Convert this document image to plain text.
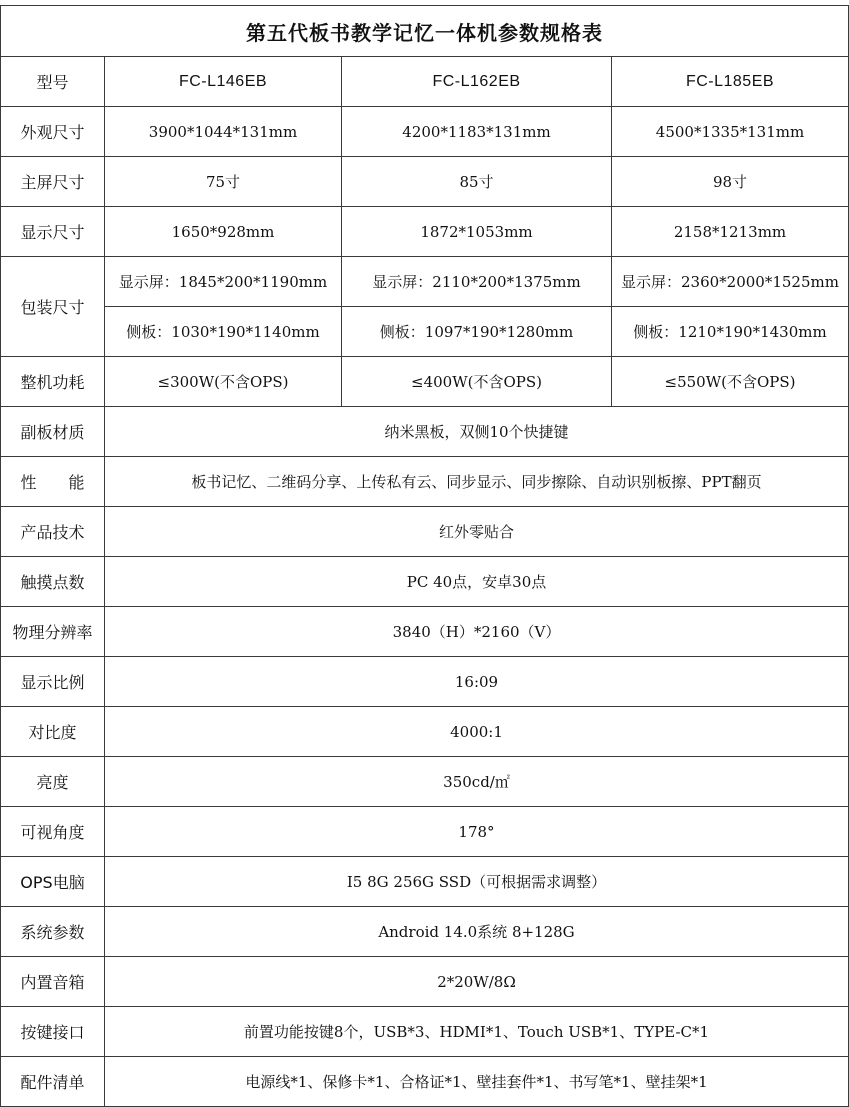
第五代板书教学记忆一体机参数规格表			
型号	FC-L146EB	FC-L162EB	FC-L185EB
外观尺寸	3900*1044*131mm	4200*1183*131mm	4500*1335*131mm
主屏尺寸	75寸	85寸	98寸
显示尺寸	1650*928mm	1872*1053mm	2158*1213mm
包装尺寸	显示屏：1845*200*1190mm	显示屏：2110*200*1375mm	显示屏：2360*2000*1525mm
	侧板：1030*190*1140mm	侧板：1097*190*1280mm	侧板：1210*190*1430mm
整机功耗	≤300W(不含OPS)	≤400W(不含OPS)	≤550W(不含OPS)
副板材质	纳米黑板，双侧10个快捷键		
性　　能	板书记忆、二维码分享、上传私有云、同步显示、同步擦除、自动识别板擦、PPT翻页		
产品技术	红外零贴合		
触摸点数	PC 40点，安卓30点		
物理分辨率	3840（H）*2160（V）		
显示比例	16:09		
对比度	4000:1		
亮度	350cd/㎡		
可视角度	178°		
OPS电脑	I5 8G 256G SSD（可根据需求调整）		
系统参数	Android 14.0系统 8+128G		
内置音箱	2*20W/8Ω		
按键接口	前置功能按键8个，USB*3、HDMI*1、Touch USB*1、TYPE-C*1		
配件清单	电源线*1、保修卡*1、合格证*1、壁挂套件*1、书写笔*1、壁挂架*1		
